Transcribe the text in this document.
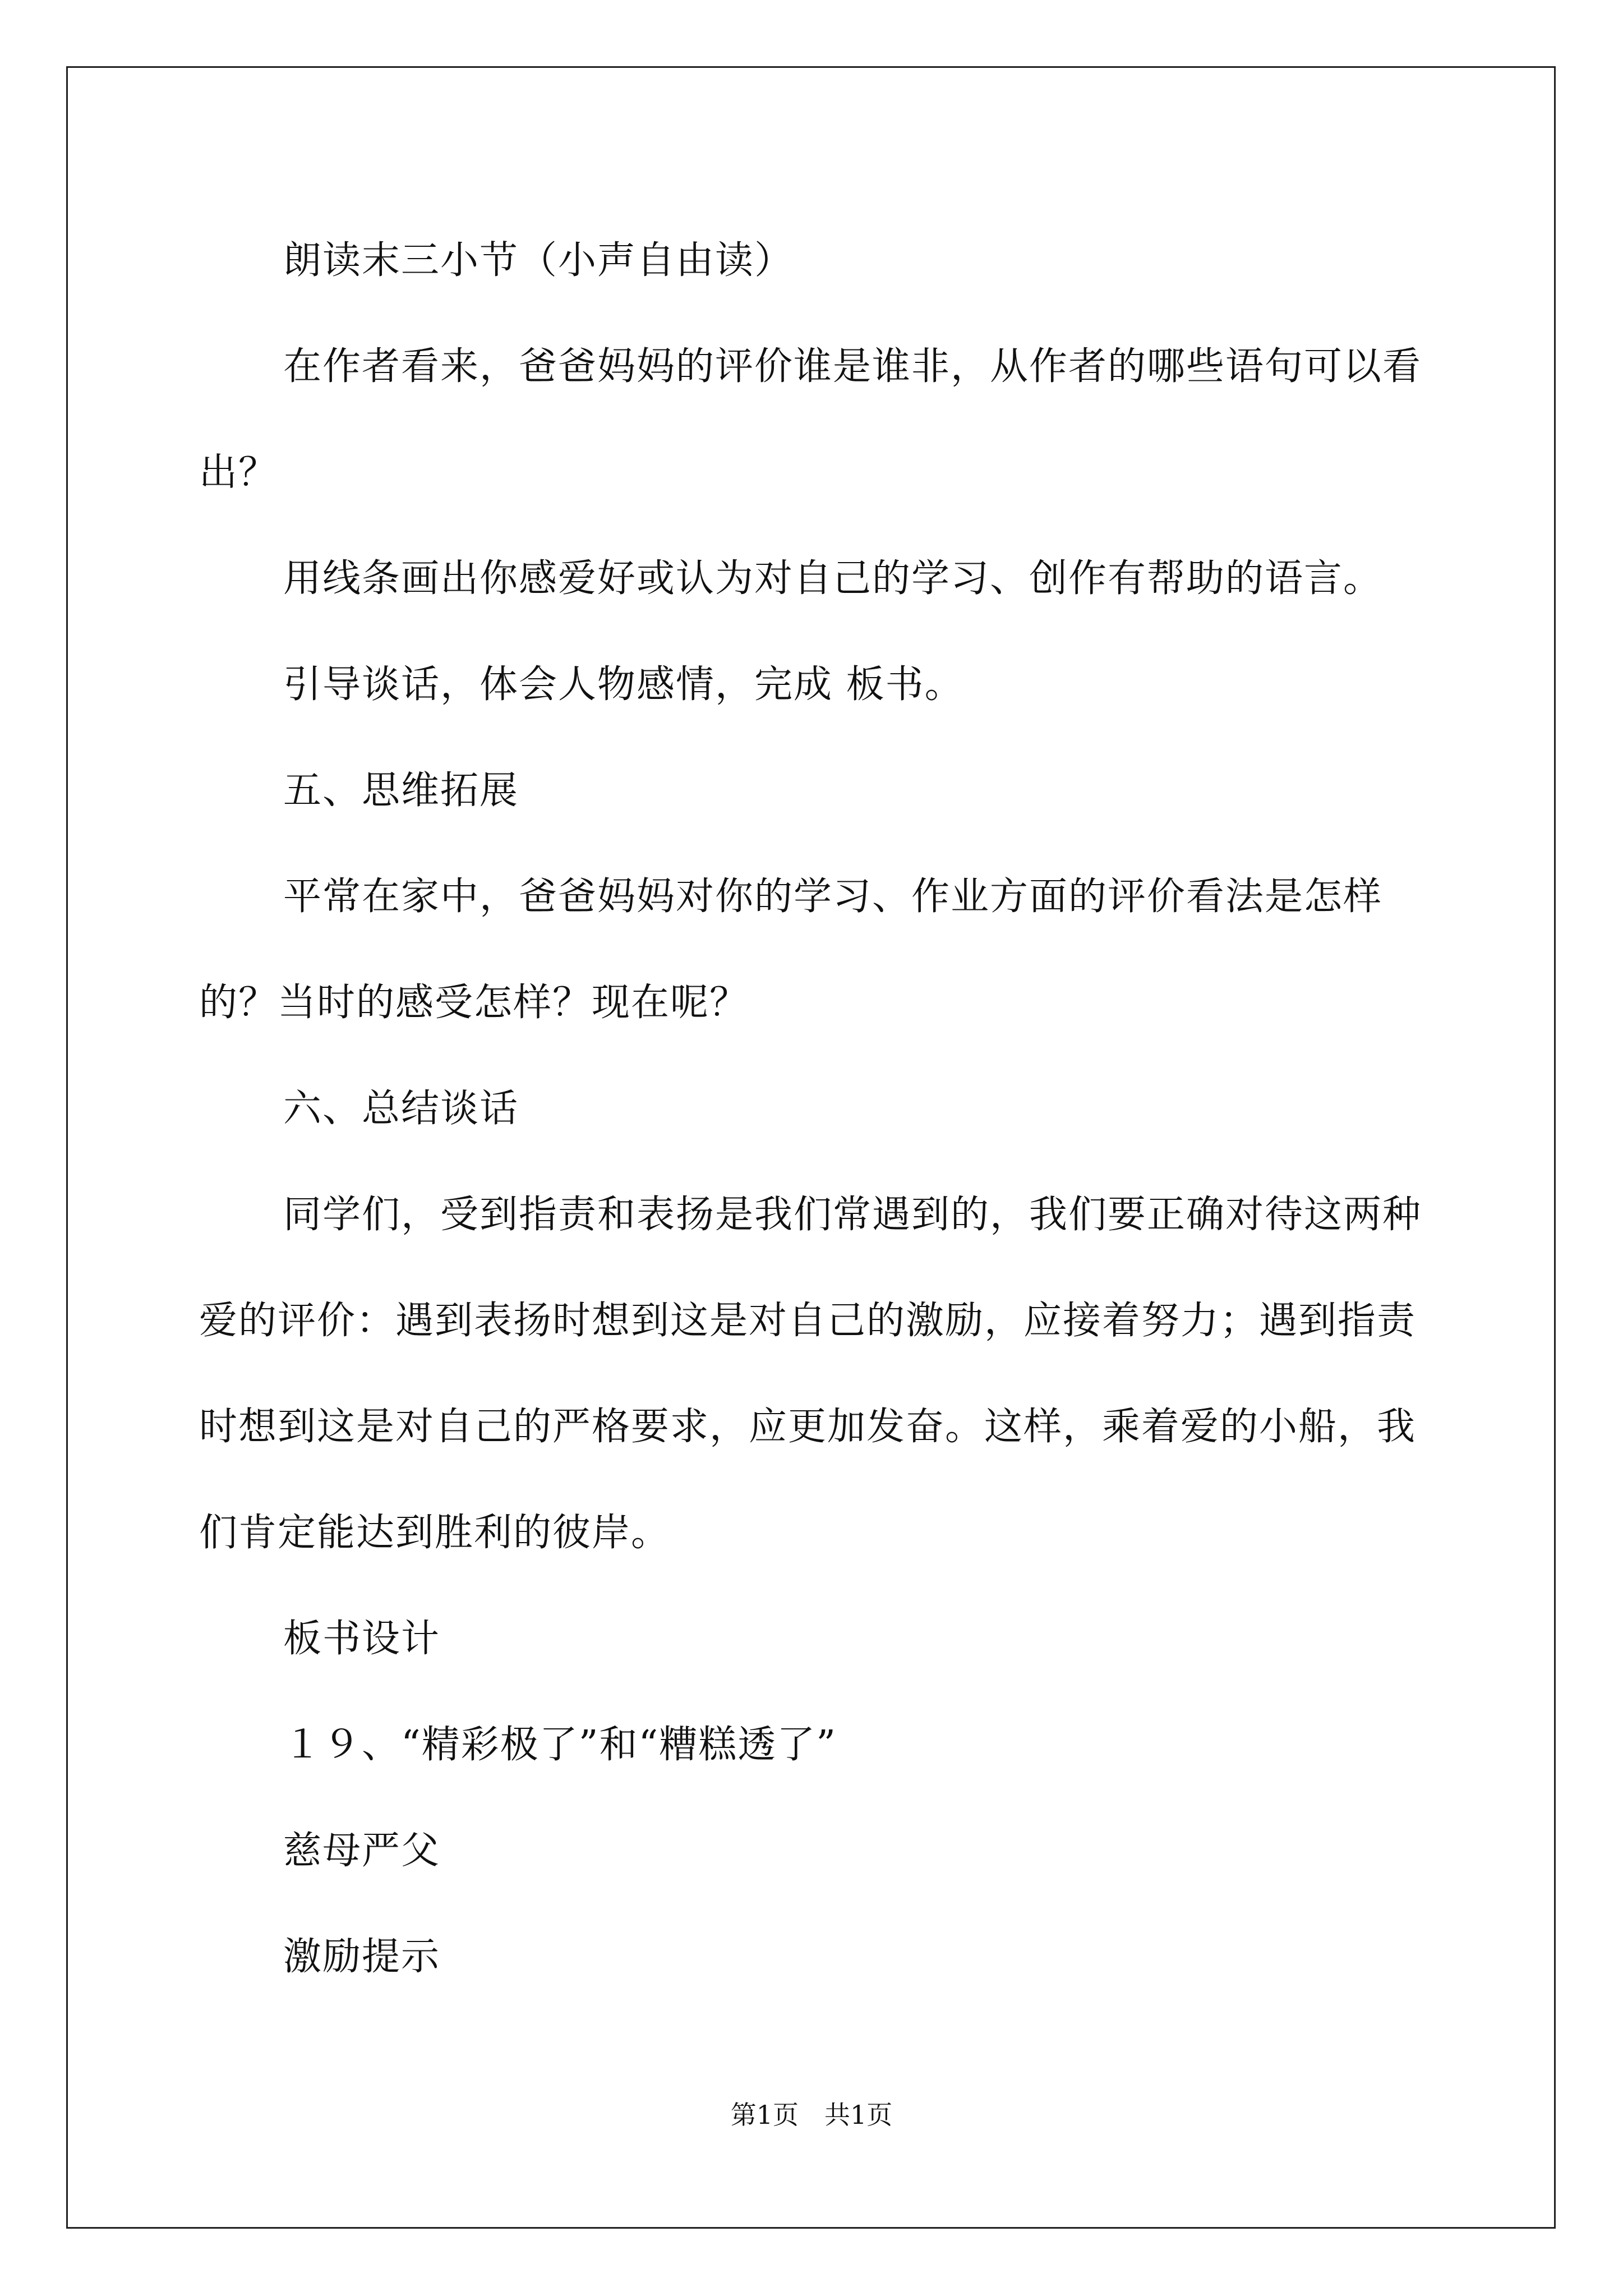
朗读末三小节（小声自由读）

在作者看来，爸爸妈妈的评价谁是谁非，从作者的哪些语句可以看出？

用线条画出你感爱好或认为对自己的学习、创作有帮助的语言。

引导谈话，体会人物感情，完成 板书。

五、思维拓展

平常在家中，爸爸妈妈对你的学习、作业方面的评价看法是怎样的？当时的感受怎样？现在呢？

六、总结谈话

同学们，受到指责和表扬是我们常遇到的，我们要正确对待这两种爱的评价：遇到表扬时想到这是对自己的激励，应接着努力；遇到指责时想到这是对自己的严格要求，应更加发奋。这样，乘着爱的小船，我们肯定能达到胜利的彼岸。

板书设计

１９、“精彩极了”和“糟糕透了”

慈母严父

激励提示

第1页　共1页
